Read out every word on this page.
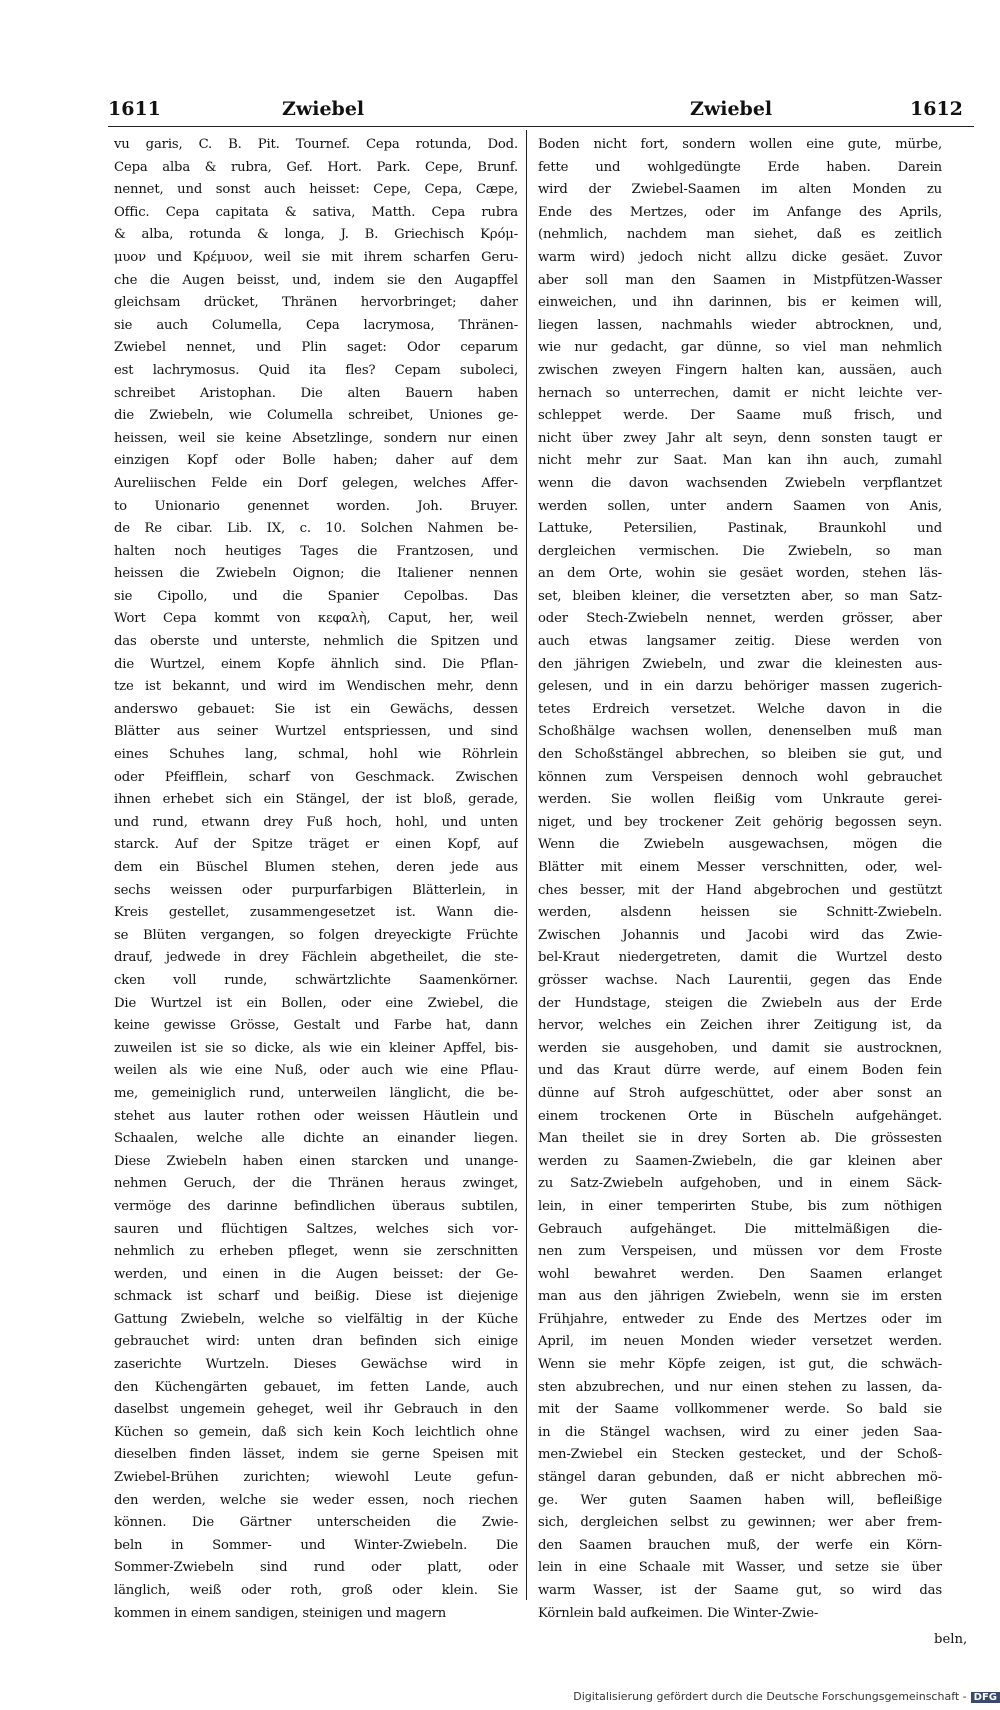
1611	Zwiebel	Zwiebel	1612
vu garis, C. B. Pit. Tournef. Cepa rotunda, Dod.
Cepa alba & rubra, Gef. Hort. Park. Cepe, Brunf.
nennet, und sonst auch heisset: Cepe, Cepa, Cæpe,
Offic. Cepa capitata & sativa, Matth. Cepa rubra
& alba, rotunda & longa, J. B. Griechisch Κρόμ-
μυον und Κρέμυον, weil sie mit ihrem scharfen Geru-
che die Augen beisst, und, indem sie den Augapffel
gleichsam drücket, Thränen hervorbringet; daher
sie auch Columella, Cepa lacrymosa, Thränen-
Zwiebel nennet, und Plin saget: Odor ceparum
est lachrymosus. Quid ita fles? Cepam suboleci,
schreibet Aristophan. Die alten Bauern haben
die Zwiebeln, wie Columella schreibet, Uniones ge-
heissen, weil sie keine Absetzlinge, sondern nur einen
einzigen Kopf oder Bolle haben; daher auf dem
Aureliischen Felde ein Dorf gelegen, welches Affer-
to Unionario genennet worden. Joh. Bruyer.
de Re cibar. Lib. IX, c. 10. Solchen Nahmen be-
halten noch heutiges Tages die Frantzosen, und
heissen die Zwiebeln Oignon; die Italiener nennen
sie Cipollo, und die Spanier Cepolbas. Das
Wort Cepa kommt von κεφαλὴ, Caput, her, weil
das oberste und unterste, nehmlich die Spitzen und
die Wurtzel, einem Kopfe ähnlich sind. Die Pflan-
tze ist bekannt, und wird im Wendischen mehr, denn
anderswo gebauet: Sie ist ein Gewächs, dessen
Blätter aus seiner Wurtzel entspriessen, und sind
eines Schuhes lang, schmal, hohl wie Röhrlein
oder Pfeifflein, scharf von Geschmack. Zwischen
ihnen erhebet sich ein Stängel, der ist bloß, gerade,
und rund, etwann drey Fuß hoch, hohl, und unten
starck. Auf der Spitze träget er einen Kopf, auf
dem ein Büschel Blumen stehen, deren jede aus
sechs weissen oder purpurfarbigen Blätterlein, in
Kreis gestellet, zusammengesetzet ist. Wann die-
se Blüten vergangen, so folgen dreyeckigte Früchte
drauf, jedwede in drey Fächlein abgetheilet, die ste-
cken voll runde, schwärtzlichte Saamenkörner.
Die Wurtzel ist ein Bollen, oder eine Zwiebel, die
keine gewisse Grösse, Gestalt und Farbe hat, dann
zuweilen ist sie so dicke, als wie ein kleiner Apffel, bis-
weilen als wie eine Nuß, oder auch wie eine Pflau-
me, gemeiniglich rund, unterweilen länglicht, die be-
stehet aus lauter rothen oder weissen Häutlein und
Schaalen, welche alle dichte an einander liegen.
Diese Zwiebeln haben einen starcken und unange-
nehmen Geruch, der die Thränen heraus zwinget,
vermöge des darinne befindlichen überaus subtilen,
sauren und flüchtigen Saltzes, welches sich vor-
nehmlich zu erheben pfleget, wenn sie zerschnitten
werden, und einen in die Augen beisset: der Ge-
schmack ist scharf und beißig. Diese ist diejenige
Gattung Zwiebeln, welche so vielfältig in der Küche
gebrauchet wird: unten dran befinden sich einige
zaserichte Wurtzeln. Dieses Gewächse wird in
den Küchengärten gebauet, im fetten Lande, auch
daselbst ungemein geheget, weil ihr Gebrauch in den
Küchen so gemein, daß sich kein Koch leichtlich ohne
dieselben finden lässet, indem sie gerne Speisen mit
Zwiebel-Brühen zurichten; wiewohl Leute gefun-
den werden, welche sie weder essen, noch riechen
können. Die Gärtner unterscheiden die Zwie-
beln in Sommer- und Winter-Zwiebeln. Die
Sommer-Zwiebeln sind rund oder platt, oder
länglich, weiß oder roth, groß oder klein. Sie
kommen in einem sandigen, steinigen und magern
Boden nicht fort, sondern wollen eine gute, mürbe,
fette und wohlgedüngte Erde haben. Darein
wird der Zwiebel-Saamen im alten Monden zu
Ende des Mertzes, oder im Anfange des Aprils,
(nehmlich, nachdem man siehet, daß es zeitlich
warm wird) jedoch nicht allzu dicke gesäet. Zuvor
aber soll man den Saamen in Mistpfützen-Wasser
einweichen, und ihn darinnen, bis er keimen will,
liegen lassen, nachmahls wieder abtrocknen, und,
wie nur gedacht, gar dünne, so viel man nehmlich
zwischen zweyen Fingern halten kan, aussäen, auch
hernach so unterrechen, damit er nicht leichte ver-
schleppet werde. Der Saame muß frisch, und
nicht über zwey Jahr alt seyn, denn sonsten taugt er
nicht mehr zur Saat. Man kan ihn auch, zumahl
wenn die davon wachsenden Zwiebeln verpflantzet
werden sollen, unter andern Saamen von Anis,
Lattuke, Petersilien, Pastinak, Braunkohl und
dergleichen vermischen. Die Zwiebeln, so man
an dem Orte, wohin sie gesäet worden, stehen läs-
set, bleiben kleiner, die versetzten aber, so man Satz-
oder Stech-Zwiebeln nennet, werden grösser, aber
auch etwas langsamer zeitig. Diese werden von
den jährigen Zwiebeln, und zwar die kleinesten aus-
gelesen, und in ein darzu behöriger massen zugerich-
tetes Erdreich versetzet. Welche davon in die
Schoßhälge wachsen wollen, denenselben muß man
den Schoßstängel abbrechen, so bleiben sie gut, und
können zum Verspeisen dennoch wohl gebrauchet
werden. Sie wollen fleißig vom Unkraute gerei-
niget, und bey trockener Zeit gehörig begossen seyn.
Wenn die Zwiebeln ausgewachsen, mögen die
Blätter mit einem Messer verschnitten, oder, wel-
ches besser, mit der Hand abgebrochen und gestützt
werden, alsdenn heissen sie Schnitt-Zwiebeln.
Zwischen Johannis und Jacobi wird das Zwie-
bel-Kraut niedergetreten, damit die Wurtzel desto
grösser wachse. Nach Laurentii, gegen das Ende
der Hundstage, steigen die Zwiebeln aus der Erde
hervor, welches ein Zeichen ihrer Zeitigung ist, da
werden sie ausgehoben, und damit sie austrocknen,
und das Kraut dürre werde, auf einem Boden fein
dünne auf Stroh aufgeschüttet, oder aber sonst an
einem trockenen Orte in Büscheln aufgehänget.
Man theilet sie in drey Sorten ab. Die grössesten
werden zu Saamen-Zwiebeln, die gar kleinen aber
zu Satz-Zwiebeln aufgehoben, und in einem Säck-
lein, in einer temperirten Stube, bis zum nöthigen
Gebrauch aufgehänget. Die mittelmäßigen die-
nen zum Verspeisen, und müssen vor dem Froste
wohl bewahret werden. Den Saamen erlanget
man aus den jährigen Zwiebeln, wenn sie im ersten
Frühjahre, entweder zu Ende des Mertzes oder im
April, im neuen Monden wieder versetzet werden.
Wenn sie mehr Köpfe zeigen, ist gut, die schwäch-
sten abzubrechen, und nur einen stehen zu lassen, da-
mit der Saame vollkommener werde. So bald sie
in die Stängel wachsen, wird zu einer jeden Saa-
men-Zwiebel ein Stecken gestecket, und der Schoß-
stängel daran gebunden, daß er nicht abbrechen mö-
ge. Wer guten Saamen haben will, befleißige
sich, dergleichen selbst zu gewinnen; wer aber frem-
den Saamen brauchen muß, der werfe ein Körn-
lein in eine Schaale mit Wasser, und setze sie über
warm Wasser, ist der Saame gut, so wird das
Körnlein bald aufkeimen. Die Winter-Zwie-
beln,
Digitalisierung gefördert durch die Deutsche Forschungsgemeinschaft - DFG
